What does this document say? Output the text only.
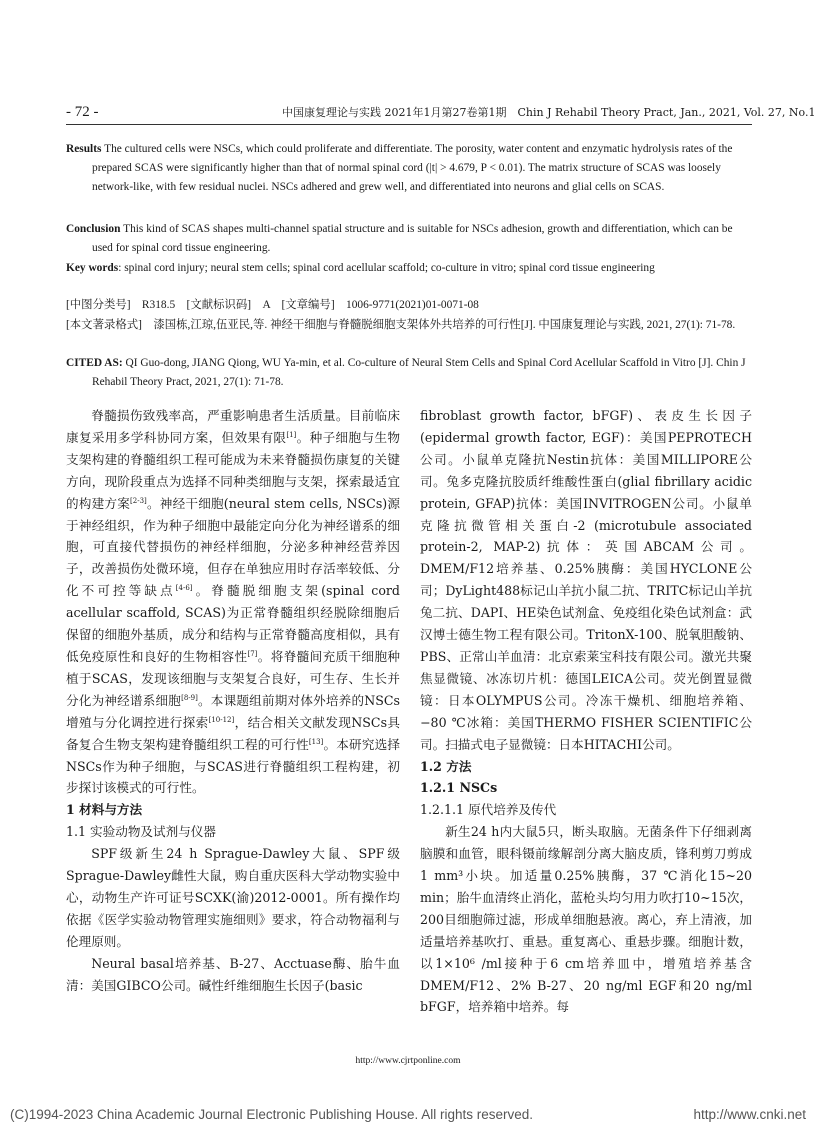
- 72 -	中国康复理论与实践 2021年1月第27卷第1期　Chin J Rehabil Theory Pract, Jan., 2021, Vol. 27, No.1
Results The cultured cells were NSCs, which could proliferate and differentiate. The porosity, water content and enzymatic hydrolysis rates of the prepared SCAS were significantly higher than that of normal spinal cord (|t| > 4.679, P < 0.01). The matrix structure of SCAS was loosely network-like, with few residual nuclei. NSCs adhered and grew well, and differentiated into neurons and glial cells on SCAS.
Conclusion This kind of SCAS shapes multi-channel spatial structure and is suitable for NSCs adhesion, growth and differentiation, which can be used for spinal cord tissue engineering.
Key words: spinal cord injury; neural stem cells; spinal cord acellular scaffold; co-culture in vitro; spinal cord tissue engineering
[中图分类号]　R318.5　[文献标识码]　A　[文章编号]　1006-9771(2021)01-0071-08
[本文著录格式]　 漆国栋,江琼,伍亚民,等. 神经干细胞与脊髓脱细胞支架体外共培养的可行性[J]. 中国康复理论与实践, 2021, 27(1): 71-78.
CITED AS: QI Guo-dong, JIANG Qiong, WU Ya-min, et al. Co-culture of Neural Stem Cells and Spinal Cord Acellular Scaffold in Vitro [J]. Chin J Rehabil Theory Pract, 2021, 27(1): 71-78.

脊髓损伤致残率高，严重影响患者生活质量。目前临床康复采用多学科协同方案，但效果有限[1]。种子细胞与生物支架构建的脊髓组织工程可能成为未来脊髓损伤康复的关键方向，现阶段重点为选择不同种类细胞与支架，探索最适宜的构建方案[2-3]。神经干细胞(neural stem cells, NSCs)源于神经组织，作为种子细胞中最能定向分化为神经谱系的细胞，可直接代替损伤的神经样细胞，分泌多种神经营养因子，改善损伤处微环境，但存在单独应用时存活率较低、分化不可控等缺点[4-6]。脊髓脱细胞支架(spinal cord acellular scaffold, SCAS)为正常脊髓组织经脱除细胞后保留的细胞外基质，成分和结构与正常脊髓高度相似，具有低免疫原性和良好的生物相容性[7]。将脊髓间充质干细胞种植于SCAS，发现该细胞与支架复合良好，可生存、生长并分化为神经谱系细胞[8-9]。本课题组前期对体外培养的NSCs增殖与分化调控进行探索[10-12]，结合相关文献发现NSCs具备复合生物支架构建脊髓组织工程的可行性[13]。本研究选择NSCs作为种子细胞，与SCAS进行脊髓组织工程构建，初步探讨该模式的可行性。

1 材料与方法

1.1 实验动物及试剂与仪器

SPF级新生24 h Sprague-Dawley大鼠、SPF级Sprague-Dawley雌性大鼠，购自重庆医科大学动物实验中心，动物生产许可证号SCXK(渝)2012-0001。所有操作均依据《医学实验动物管理实施细则》要求，符合动物福利与伦理原则。

Neural basal培养基、B-27、Acctuase酶、胎牛血清：美国GIBCO公司。碱性纤维细胞生长因子(basic

fibroblast growth factor, bFGF)、表皮生长因子(epidermal growth factor, EGF)：美国PEPROTECH公司。小鼠单克隆抗Nestin抗体：美国MILLIPORE公司。兔多克隆抗胶质纤维酸性蛋白(glial fibrillary acidic protein, GFAP)抗体：美国INVITROGEN公司。小鼠单克隆抗微管相关蛋白-2 (microtubule associated protein-2, MAP-2)抗体：英国ABCAM公司。DMEM/F12培养基、0.25%胰酶：美国HYCLONE公司；DyLight488标记山羊抗小鼠二抗、TRITC标记山羊抗兔二抗、DAPI、HE染色试剂盒、免疫组化染色试剂盒：武汉博士德生物工程有限公司。TritonX-100、脱氧胆酸钠、PBS、正常山羊血清：北京索莱宝科技有限公司。激光共聚焦显微镜、冰冻切片机：德国LEICA公司。荧光倒置显微镜：日本OLYMPUS公司。冷冻干燥机、细胞培养箱、−80 ℃冰箱：美国THERMO FISHER SCIENTIFIC公司。扫描式电子显微镜：日本HITACHI公司。

1.2 方法

1.2.1 NSCs

1.2.1.1 原代培养及传代

新生24 h内大鼠5只，断头取脑。无菌条件下仔细剥离脑膜和血管，眼科镊前缘解剖分离大脑皮质，锋利剪刀剪成1 mm³小块。加适量0.25%胰酶，37 ℃消化15~20 min；胎牛血清终止消化，蓝枪头均匀用力吹打10~15次，200目细胞筛过滤，形成单细胞悬液。离心，弃上清液，加适量培养基吹打、重悬。重复离心、重悬步骤。细胞计数，以1×10⁶ /ml接种于6 cm培养皿中，增殖培养基含DMEM/F12、2% B-27、20 ng/ml EGF和20 ng/ml bFGF，培养箱中培养。每

http://www.cjrtponline.com
(C)1994-2023 China Academic Journal Electronic Publishing House. All rights reserved.	http://www.cnki.net
